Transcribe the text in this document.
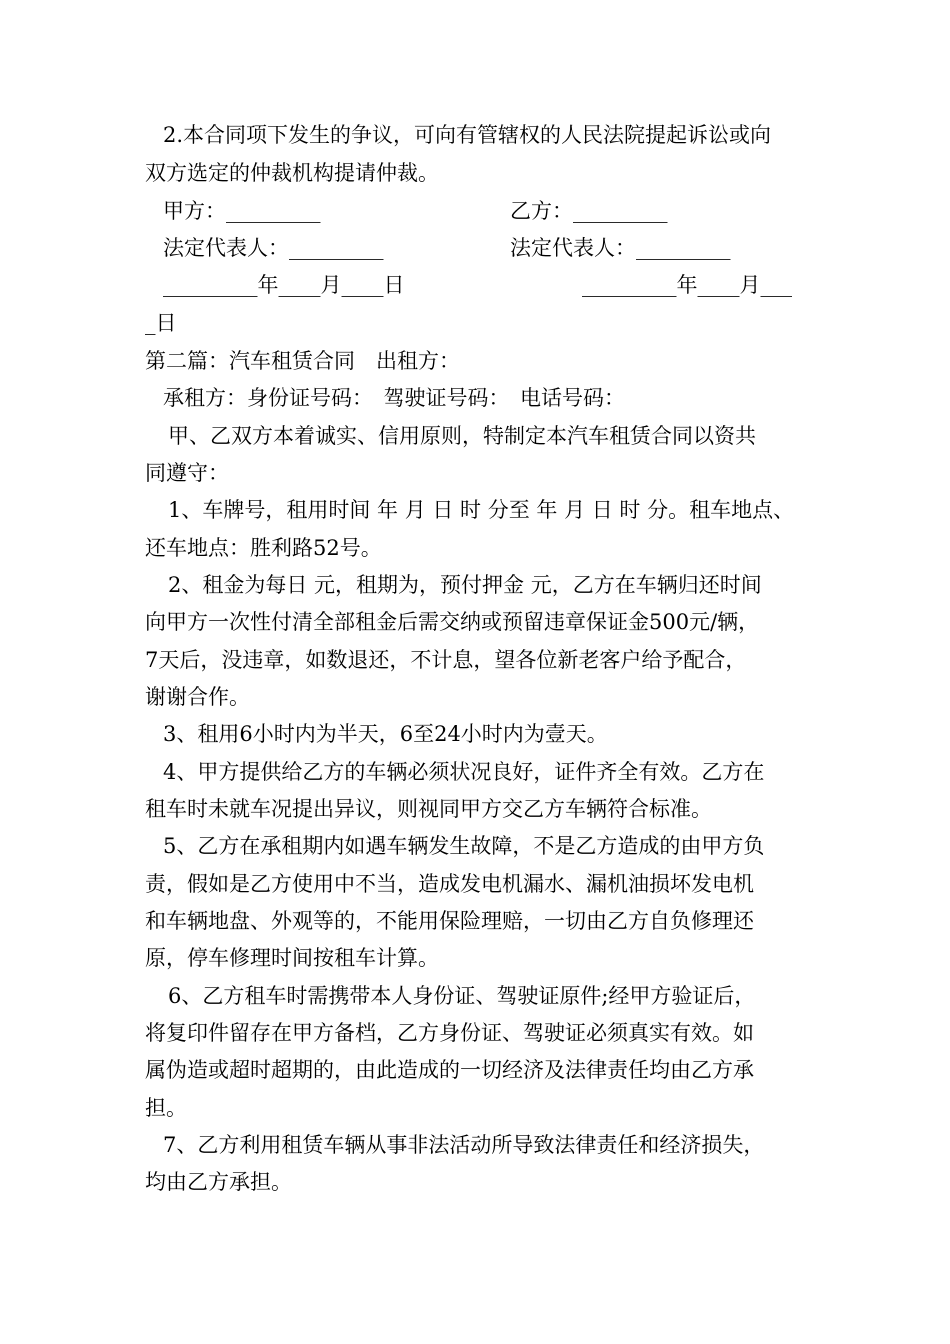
2.本合同项下发生的争议，可向有管辖权的人民法院提起诉讼或向
双方选定的仲裁机构提请仲裁。
甲方：_________	乙方：_________
法定代表人：_________	法定代表人：_________
_________年____月____日	_________年____月___
_日
第二篇：汽车租赁合同　出租方：
承租方：身份证号码：　驾驶证号码：　电话号码：
甲、乙双方本着诚实、信用原则，特制定本汽车租赁合同以资共
同遵守：
1、车牌号，租用时间 年 月 日 时 分至 年 月 日 时 分。租车地点、
还车地点：胜利路52号。
2、租金为每日 元，租期为，预付押金 元，乙方在车辆归还时间
向甲方一次性付清全部租金后需交纳或预留违章保证金500元/辆，
7天后，没违章，如数退还，不计息，望各位新老客户给予配合，
谢谢合作。
3、租用6小时内为半天，6至24小时内为壹天。
4、甲方提供给乙方的车辆必须状况良好，证件齐全有效。乙方在
租车时未就车况提出异议，则视同甲方交乙方车辆符合标准。
5、乙方在承租期内如遇车辆发生故障，不是乙方造成的由甲方负
责，假如是乙方使用中不当，造成发电机漏水、漏机油损坏发电机
和车辆地盘、外观等的，不能用保险理赔，一切由乙方自负修理还
原，停车修理时间按租车计算。
6、乙方租车时需携带本人身份证、驾驶证原件;经甲方验证后，
将复印件留存在甲方备档，乙方身份证、驾驶证必须真实有效。如
属伪造或超时超期的，由此造成的一切经济及法律责任均由乙方承
担。
7、乙方利用租赁车辆从事非法活动所导致法律责任和经济损失，
均由乙方承担。
